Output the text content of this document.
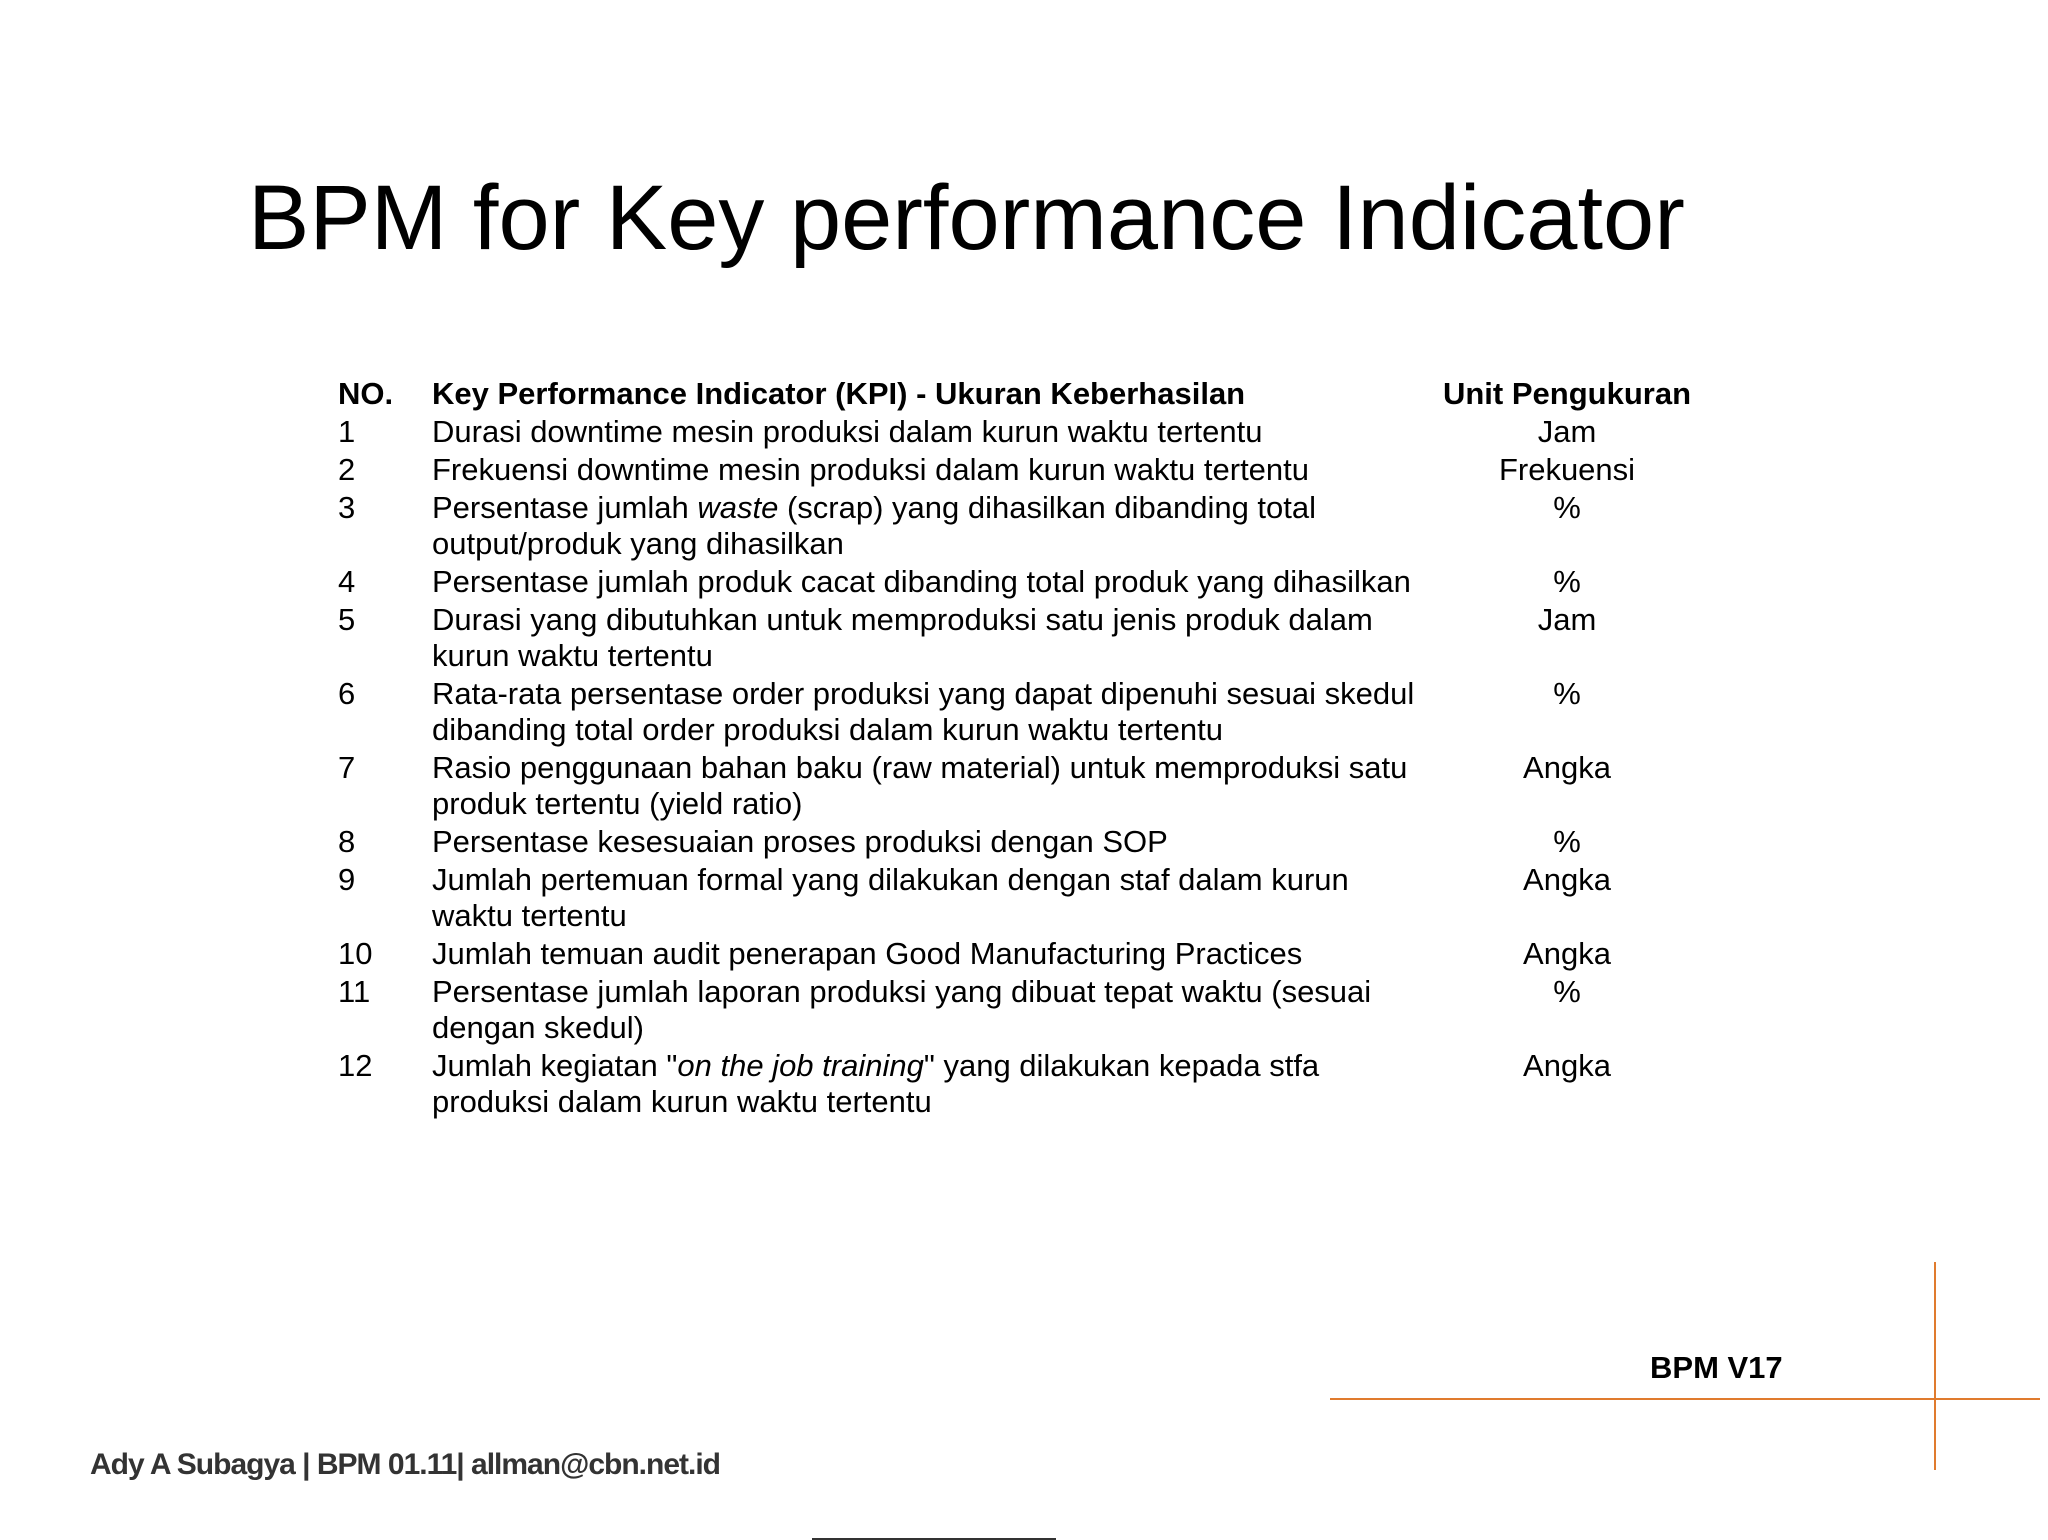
BPM for Key performance Indicator
NO.	Key Performance Indicator (KPI) - Ukuran Keberhasilan	Unit Pengukuran
1	Durasi downtime mesin produksi dalam kurun waktu tertentu	Jam
2	Frekuensi downtime mesin produksi dalam kurun waktu tertentu	Frekuensi
3	Persentase jumlah waste (scrap) yang dihasilkan dibanding total output/produk yang dihasilkan	%
4	Persentase jumlah produk cacat dibanding total produk yang dihasilkan	%
5	Durasi yang dibutuhkan untuk memproduksi satu jenis produk dalam kurun waktu tertentu	Jam
6	Rata-rata persentase order produksi yang dapat dipenuhi sesuai skedul dibanding total order produksi dalam kurun waktu tertentu	%
7	Rasio penggunaan bahan baku (raw material) untuk memproduksi satu produk tertentu (yield ratio)	Angka
8	Persentase kesesuaian proses produksi dengan SOP	%
9	Jumlah pertemuan formal yang dilakukan dengan staf dalam kurun waktu tertentu	Angka
10	Jumlah temuan audit penerapan Good Manufacturing Practices	Angka
11	Persentase jumlah laporan produksi yang dibuat tepat waktu (sesuai dengan skedul)	%
12	Jumlah kegiatan "on the job training" yang dilakukan kepada stfa produksi dalam kurun waktu tertentu	Angka
BPM V17
Ady A Subagya | BPM 01.11| allman@cbn.net.id
